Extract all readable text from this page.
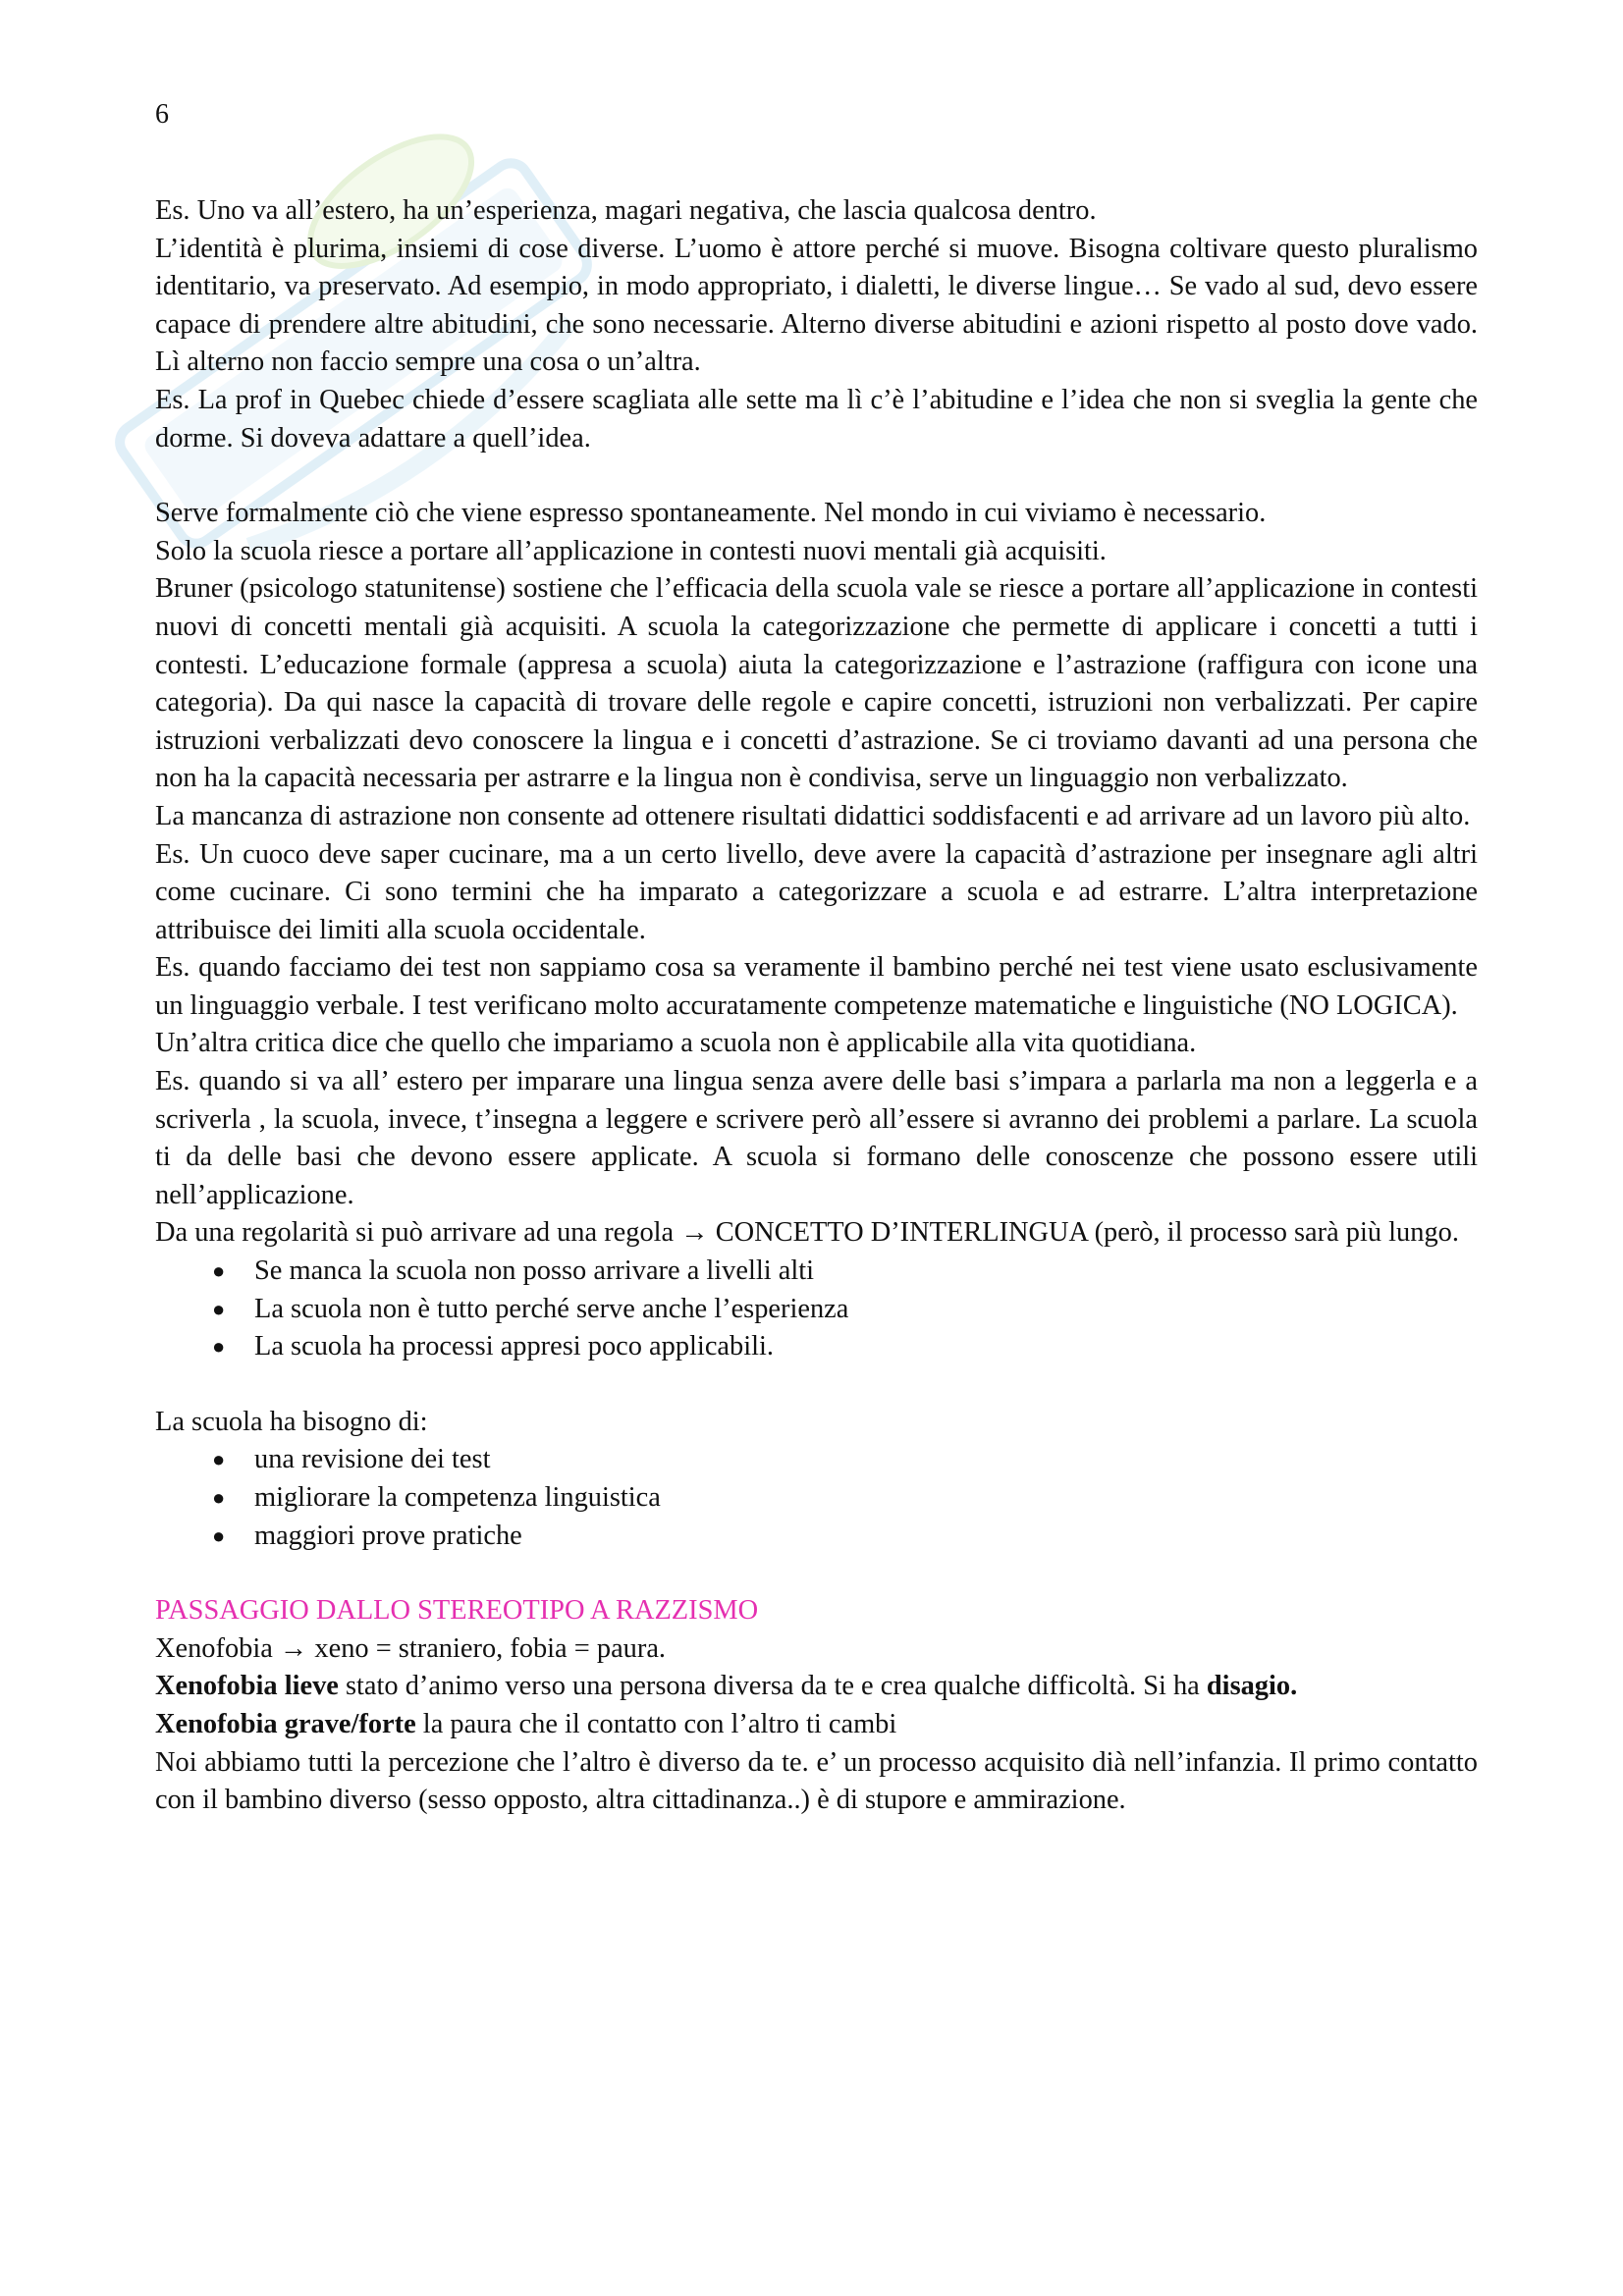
6

Es. Uno va all’estero, ha un’esperienza, magari negativa, che lascia qualcosa dentro.

L’identità è plurima, insiemi di cose diverse. L’uomo è attore perché si muove. Bisogna coltivare questo pluralismo identitario, va preservato. Ad esempio, in modo appropriato, i dialetti, le diverse lingue… Se vado al sud, devo essere capace di prendere altre abitudini, che sono necessarie. Alterno diverse abitudini e azioni rispetto al posto dove vado. Lì alterno non faccio sempre una cosa o un’altra.

Es. La prof in Quebec chiede d’essere scagliata alle sette ma lì c’è l’abitudine e l’idea che non si sveglia la gente che dorme. Si doveva adattare a quell’idea.

Serve formalmente ciò che viene espresso spontaneamente. Nel mondo in cui viviamo è necessario.

Solo la scuola riesce a portare all’applicazione in contesti nuovi mentali già acquisiti.

Bruner (psicologo statunitense) sostiene che l’efficacia della scuola vale se riesce a portare all’applicazione in contesti nuovi di concetti mentali già acquisiti. A scuola la categorizzazione che permette di applicare i concetti a tutti i contesti. L’educazione formale (appresa a scuola) aiuta la categorizzazione e l’astrazione (raffigura con icone una categoria). Da qui nasce la capacità di trovare delle regole e capire concetti, istruzioni non verbalizzati. Per capire istruzioni verbalizzati devo conoscere la lingua e i concetti d’astrazione. Se ci troviamo davanti ad una persona che non ha la capacità necessaria per astrarre e la lingua non è condivisa, serve un linguaggio non verbalizzato.

La mancanza di astrazione non consente ad ottenere risultati didattici soddisfacenti e ad arrivare ad un lavoro più alto.

Es. Un cuoco deve saper cucinare, ma a un certo livello, deve avere la capacità d’astrazione per insegnare agli altri come cucinare. Ci sono termini che ha imparato a categorizzare a scuola e ad estrarre. L’altra interpretazione attribuisce dei limiti alla scuola occidentale.

Es. quando facciamo dei test non sappiamo cosa sa veramente il bambino perché nei test viene usato esclusivamente un linguaggio verbale. I test verificano molto accuratamente competenze matematiche e linguistiche (NO LOGICA).

Un’altra critica dice che quello che impariamo a scuola non è applicabile alla vita quotidiana.

Es. quando si va all’ estero per imparare una lingua senza avere delle basi s’impara a parlarla ma non a leggerla e a scriverla , la scuola, invece, t’insegna a leggere e scrivere però all’essere si avranno dei problemi a parlare. La scuola ti da delle basi che devono essere applicate. A scuola si formano delle conoscenze che possono essere utili nell’applicazione.

Da una regolarità si può arrivare ad una regola → CONCETTO D’INTERLINGUA (però, il processo sarà più lungo.

● Se manca la scuola non posso arrivare a livelli alti
● La scuola non è tutto perché serve anche l’esperienza
● La scuola ha processi appresi poco applicabili.

La scuola ha bisogno di:

● una revisione dei test
● migliorare la competenza linguistica
● maggiori prove pratiche

PASSAGGIO DALLO STEREOTIPO A RAZZISMO

Xenofobia → xeno = straniero, fobia = paura.

Xenofobia lieve stato d’animo verso una persona diversa da te e crea qualche difficoltà. Si ha disagio.

Xenofobia grave/forte la paura che il contatto con l’altro ti cambi

Noi abbiamo tutti la percezione che l’altro è diverso da te. e’ un processo acquisito dià nell’infanzia. Il primo contatto con il bambino diverso (sesso opposto, altra cittadinanza..) è di stupore e ammirazione.
